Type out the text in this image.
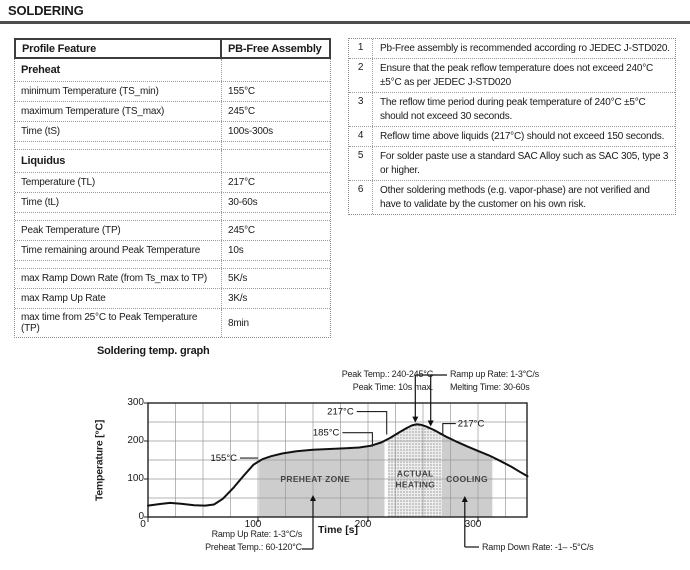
SOLDERING
Profile Feature	PB-Free Assembly
Preheat
minimum Temperature (TS_min)	155°C
maximum Temperature (TS_max)	245°C
Time (tS)	100s-300s
Liquidus
Temperature (TL)	217°C
Time (tL)	30-60s
Peak Temperature (TP)	245°C
Time remaining around Peak Temperature	10s
max Ramp Down Rate (from Ts_max to TP)	5K/s
max Ramp Up Rate	3K/s
max time from 25°C to Peak Temperature (TP)	8min
1	Pb-Free assembly is recommended according ro JEDEC J-STD020.
2	Ensure that the peak reflow temperature does not exceed 240°C ±5°C as per JEDEC J-STD020
3	The reflow time period during peak temperature of 240°C ±5°C should not exceed 30 seconds.
4	Reflow time above liquids (217°C) should not exceed 150 seconds.
5	For solder paste use a standard SAC Alloy such as SAC 305, type 3 or higher.
6	Other soldering methods (e.g. vapor-phase) are not verified and have to validate by the customer on his own risk.
Soldering temp. graph
PREHEAT ZONE
ACTUAL
HEATING
COOLING
155°C
185°C
217°C
217°C
Temperature [°C]
Time [s]
Peak Temp.: 240-245°C
Peak Time: 10s max.
Ramp up Rate: 1-3°C/s
Melting Time: 30-60s
Ramp Up Rate: 1-3°C/s
Preheat Temp.: 60-120°C	Ramp Down Rate: -1– -5°C/s
0	100	200	300
0
100
200
300
